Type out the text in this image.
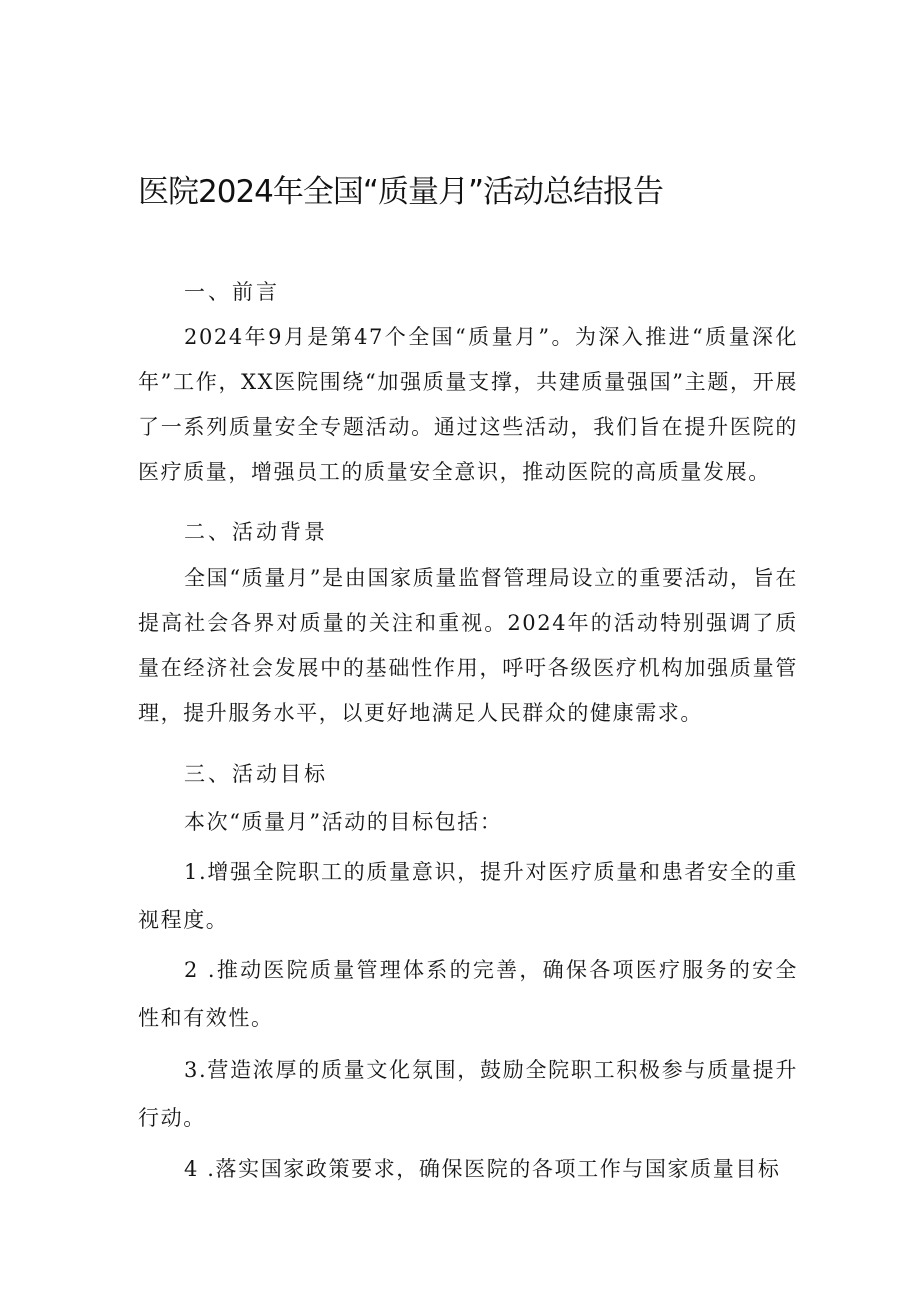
医院2024年全国“质量月”活动总结报告
一、前言
2024年9月是第47个全国“质量月”。为深入推进“质量深化年”工作，XX医院围绕“加强质量支撑，共建质量强国”主题，开展了一系列质量安全专题活动。通过这些活动，我们旨在提升医院的医疗质量，增强员工的质量安全意识，推动医院的高质量发展。
二、活动背景
全国“质量月”是由国家质量监督管理局设立的重要活动，旨在提高社会各界对质量的关注和重视。2024年的活动特别强调了质量在经济社会发展中的基础性作用，呼吁各级医疗机构加强质量管理，提升服务水平，以更好地满足人民群众的健康需求。
三、活动目标
本次“质量月”活动的目标包括：
1.增强全院职工的质量意识，提升对医疗质量和患者安全的重视程度。
2 .推动医院质量管理体系的完善，确保各项医疗服务的安全性和有效性。
3.营造浓厚的质量文化氛围，鼓励全院职工积极参与质量提升行动。
4 .落实国家政策要求，确保医院的各项工作与国家质量目标
